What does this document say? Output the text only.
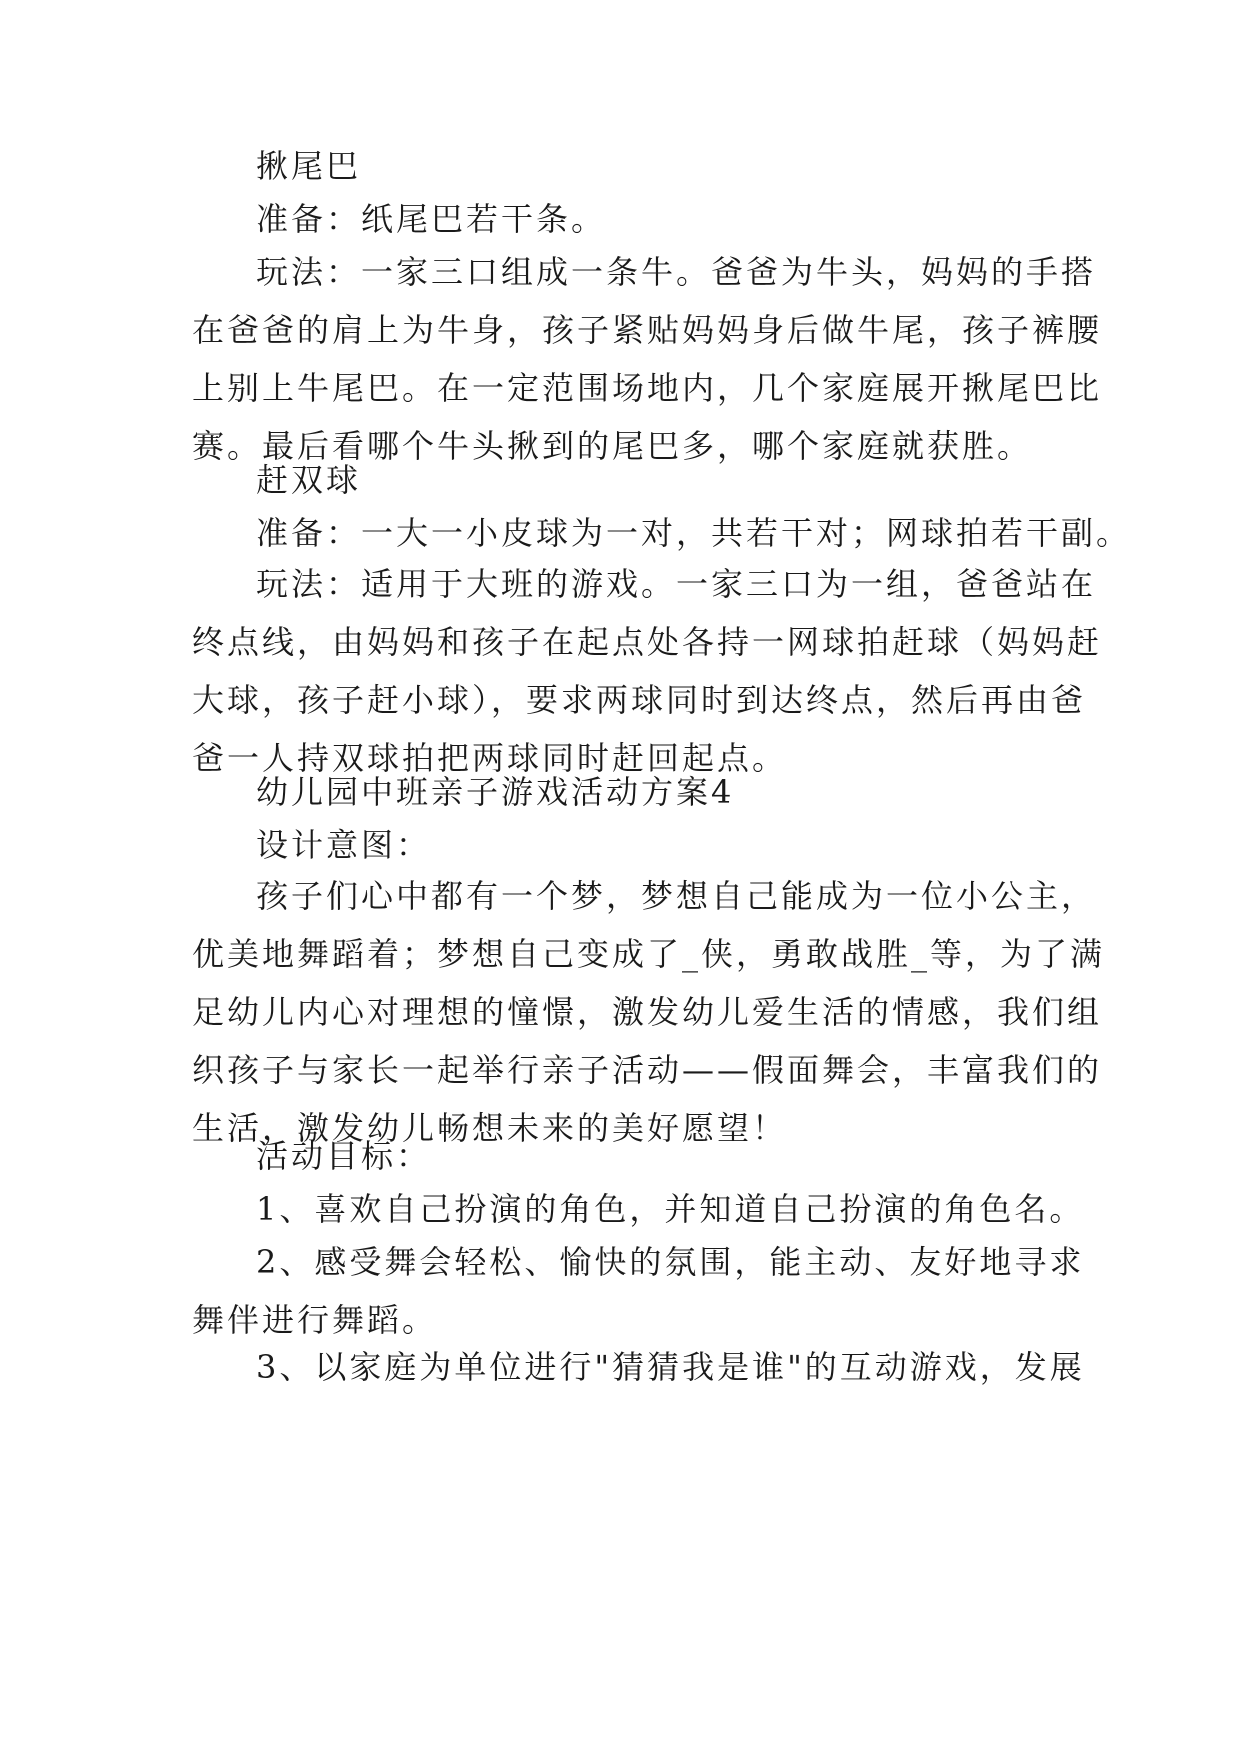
揪尾巴
准备：纸尾巴若干条。
玩法：一家三口组成一条牛。爸爸为牛头，妈妈的手搭
在爸爸的肩上为牛身，孩子紧贴妈妈身后做牛尾，孩子裤腰
上别上牛尾巴。在一定范围场地内，几个家庭展开揪尾巴比
赛。最后看哪个牛头揪到的尾巴多，哪个家庭就获胜。
赶双球
准备：一大一小皮球为一对，共若干对；网球拍若干副。
玩法：适用于大班的游戏。一家三口为一组，爸爸站在
终点线，由妈妈和孩子在起点处各持一网球拍赶球（妈妈赶
大球，孩子赶小球），要求两球同时到达终点，然后再由爸
爸一人持双球拍把两球同时赶回起点。
幼儿园中班亲子游戏活动方案4
设计意图：
孩子们心中都有一个梦，梦想自己能成为一位小公主，
优美地舞蹈着；梦想自己变成了_侠，勇敢战胜_等，为了满
足幼儿内心对理想的憧憬，激发幼儿爱生活的情感，我们组
织孩子与家长一起举行亲子活动——假面舞会，丰富我们的
生活，激发幼儿畅想未来的美好愿望！
活动目标：
1、喜欢自己扮演的角色，并知道自己扮演的角色名。
2、感受舞会轻松、愉快的氛围，能主动、友好地寻求
舞伴进行舞蹈。
3、以家庭为单位进行"猜猜我是谁"的互动游戏，发展
